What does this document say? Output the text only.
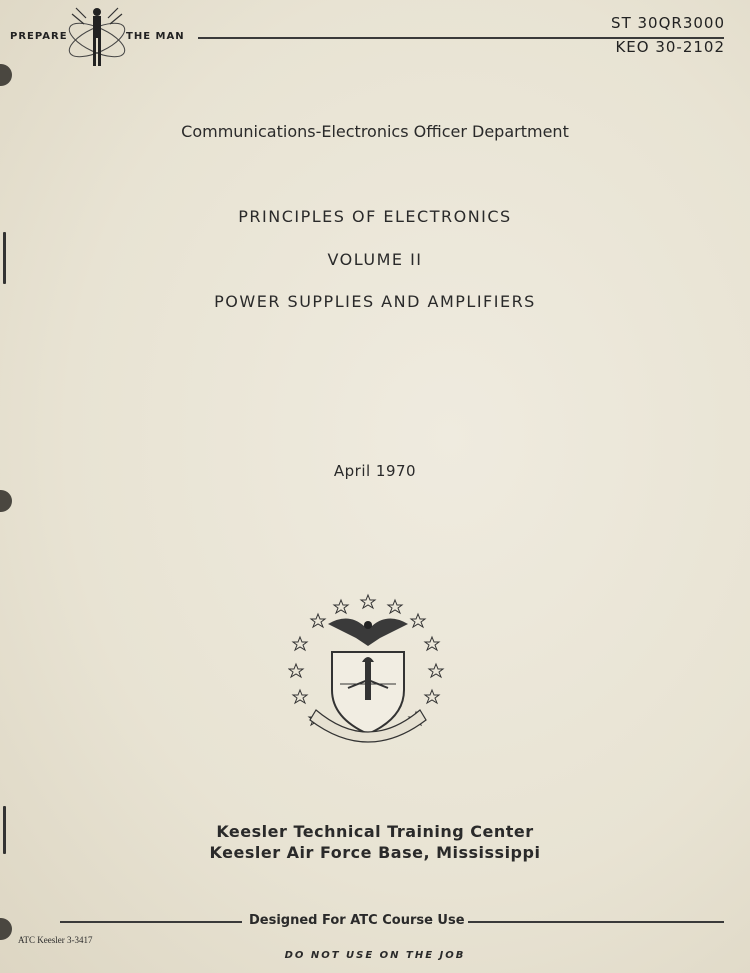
PREPARE	THE MAN
ST 30QR3000
KEO 30-2102
Communications-Electronics Officer Department
PRINCIPLES OF ELECTRONICS
VOLUME II
POWER SUPPLIES AND AMPLIFIERS
April 1970
Keesler Technical Training Center
Keesler Air Force Base, Mississippi
Designed For ATC Course Use
ATC Keesler 3-3417
DO NOT USE ON THE JOB
